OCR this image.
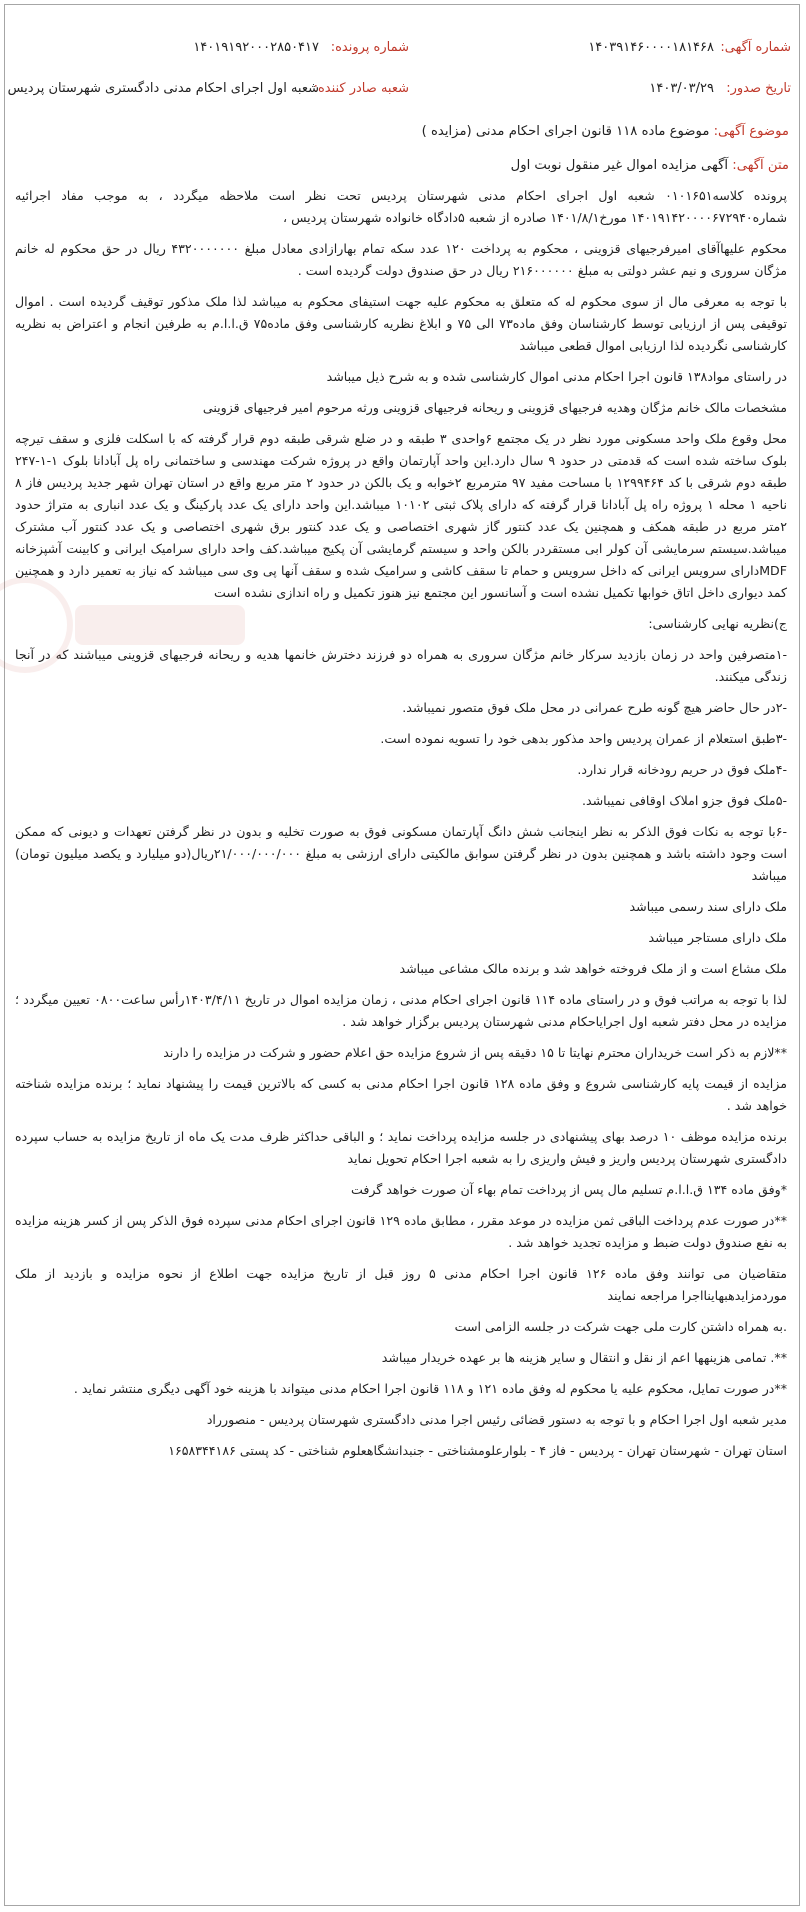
شماره آگهی:
۱۴۰۳۹۱۴۶۰۰۰۰۱۸۱۴۶۸
شماره پرونده:
۱۴۰۱۹۱۹۲۰۰۰۲۸۵۰۴۱۷
تاریخ صدور:
۱۴۰۳/۰۳/۲۹
شعبه صادر کننده:
شعبه اول اجرای احکام مدنی دادگستری شهرستان پردیس
موضوع آگهی: موضوع ماده ۱۱۸ قانون اجرای احکام مدنی (مزایده )
متن آگهی: آگهی مزایده اموال غیر منقول نوبت اول

پرونده کلاسه۰۱۰۱۶۵۱ شعبه اول اجرای احکام مدنی شهرستان پردیس تحت نظر است ملاحظه میگردد ، به موجب مفاد اجرائیه شماره۱۴۰۱۹۱۴۲۰۰۰۰۶۷۲۹۴۰ مورخ۱۴۰۱/۸/۱ صادره از شعبه ۵دادگاه خانواده شهرستان پردیس ،

محکوم علیهاآقای امیرفرجیهای قزوینی ، محکوم به پرداخت ۱۲۰ عدد سکه تمام بهارازادی معادل مبلغ ۴۳۲۰۰۰۰۰۰۰ ریال در حق محکوم له خانم مژگان سروری و نیم عشر دولتی به مبلغ ۲۱۶۰۰۰۰۰۰ ریال در حق صندوق دولت گردیده است .

با توجه به معرفی مال از سوی محکوم له که متعلق به محکوم علیه جهت استیفای محکوم به میباشد لذا ملک مذکور توقیف گردیده است . اموال توقیفی پس از ارزیابی توسط کارشناسان وفق ماده۷۳ الی ۷۵ و ابلاغ نظریه کارشناسی وفق ماده۷۵ ق.ا.ا.م به طرفین انجام و اعتراض به نظریه کارشناسی نگردیده لذا ارزیابی اموال قطعی میباشد

در راستای مواد۱۳۸ قانون اجرا احکام مدنی اموال کارشناسی شده و به شرح ذیل میباشد

مشخصات مالک خانم مژگان وهدیه فرجیهای قزوینی و ریحانه فرجیهای قزوینی ورثه مرحوم امیر فرجیهای قزوینی

محل وقوع ملک واحد مسکونی مورد نظر در یک مجتمع ۶واحدی ۳ طبقه و در ضلع شرقی طبقه دوم قرار گرفته که با اسکلت فلزی و سقف تیرچه بلوک ساخته شده است که قدمتی در حدود ۹ سال دارد.این واحد آپارتمان واقع در پروژه شرکت مهندسی و ساختمانی راه پل آبادانا بلوک ۱-۱-۲۴۷ طبقه دوم شرقی با کد ۱۲۹۹۴۶۴ با مساحت مفید ۹۷ مترمربع ۲خوابه و یک بالکن در حدود ۲ متر مربع واقع در استان تهران شهر جدید پردیس فاز ۸ ناحیه ۱ محله ۱ پروژه راه پل آبادانا قرار گرفته که دارای پلاک ثبتی ۱۰۱۰۲ میباشد.این واحد دارای یک عدد پارکینگ و یک عدد انباری به متراژ حدود ۲متر مربع در طبقه همکف و همچنین یک عدد کنتور گاز شهری اختصاصی و یک عدد کنتور برق شهری اختصاصی و یک عدد کنتور آب مشترک میباشد.سیستم سرمایشی آن کولر ابی مستقردر بالکن واحد و سیستم گرمایشی آن پکیج میباشد.کف واحد دارای سرامیک ایرانی و کابینت آشپزخانه MDFدارای سرویس ایرانی که داخل سرویس و حمام تا سقف کاشی و سرامیک شده و سقف آنها پی وی سی میباشد که نیاز به تعمیر دارد و همچنین کمد دیواری داخل اتاق خوابها تکمیل نشده است و آسانسور این مجتمع نیز هنوز تکمیل و راه اندازی نشده است

ج)نظریه نهایی کارشناسی:

-۱متصرفین واحد در زمان بازدید سرکار خانم مژگان سروری به همراه دو فرزند دخترش خانمها هدیه و ریحانه فرجیهای قزوینی میباشند که در آنجا زندگی میکنند.

-۲در حال حاضر هیچ گونه طرح عمرانی در محل ملک فوق متصور نمیباشد.

-۳طبق استعلام از عمران پردیس واحد مذکور بدهی خود را تسویه نموده است.

-۴ملک فوق در حریم رودخانه قرار ندارد.

-۵ملک فوق جزو املاک اوقافی نمیباشد.

-۶با توجه به نکات فوق الذکر به نظر اینجانب شش دانگ آپارتمان مسکونی فوق به صورت تخلیه و بدون در نظر گرفتن تعهدات و دیونی که ممکن است وجود داشته باشد و همچنین بدون در نظر گرفتن سوابق مالکیتی دارای ارزشی به مبلغ ۲۱/۰۰۰/۰۰۰/۰۰۰ریال(دو میلیارد و یکصد میلیون تومان) میباشد

ملک دارای سند رسمی میباشد

ملک دارای مستاجر میباشد

ملک مشاع است و از ملک فروخته خواهد شد و برنده مالک مشاعی میباشد

لذا با توجه به مراتب فوق و در راستای ماده ۱۱۴ قانون اجرای احکام مدنی ، زمان مزایده اموال در تاریخ ۱۴۰۳/۴/۱۱رأس ساعت۰۸۰۰ تعیین میگردد ؛ مزایده در محل دفتر شعبه اول اجرایاحکام مدنی شهرستان پردیس برگزار خواهد شد .

**لازم به ذکر است خریداران محترم نهایتا تا ۱۵ دقیقه پس از شروع مزایده حق اعلام حضور و شرکت در مزایده را دارند

مزایده از قیمت پایه کارشناسی شروع و وفق ماده ۱۲۸ قانون اجرا احکام مدنی به کسی که بالاترین قیمت را پیشنهاد نماید ؛ برنده مزایده شناخته خواهد شد .

برنده مزایده موظف ۱۰ درصد بهای پیشنهادی در جلسه مزایده پرداخت نماید ؛ و الباقی حداکثر ظرف مدت یک ماه از تاریخ مزایده به حساب سپرده دادگستری شهرستان پردیس واریز و فیش واریزی را به شعبه اجرا احکام تحویل نماید

*وفق ماده ۱۳۴ ق.ا.ا.م تسلیم مال پس از پرداخت تمام بهاء آن صورت خواهد گرفت

**در صورت عدم پرداخت الباقی ثمن مزایده در موعد مقرر ، مطابق ماده ۱۲۹ قانون اجرای احکام مدنی سپرده فوق الذکر پس از کسر هزینه مزایده به نفع صندوق دولت ضبط و مزایده تجدید خواهد شد .

متقاضیان می توانند وفق ماده ۱۲۶ قانون اجرا احکام مدنی ۵ روز قبل از تاریخ مزایده جهت اطلاع از نحوه مزایده و بازدید از ملک موردمزایدهبهاینااجرا مراجعه نمایند

.به همراه داشتن کارت ملی جهت شرکت در جلسه الزامی است

**. تمامی هزینهها اعم از نقل و انتقال و سایر هزینه ها بر عهده خریدار میباشد

**در صورت تمایل، محکوم علیه یا محکوم له وفق ماده ۱۲۱ و ۱۱۸ قانون اجرا احکام مدنی میتواند با هزینه خود آگهی دیگری منتشر نماید .

مدیر شعبه اول اجرا احکام و با توجه به دستور قضائی رئیس اجرا مدنی دادگستری شهرستان پردیس - منصورراد

استان تهران - شهرستان تهران - پردیس - فاز ۴ - بلوارعلومشناختی - جنبدانشگاهعلوم شناختی - کد پستی ۱۶۵۸۳۴۴۱۸۶
